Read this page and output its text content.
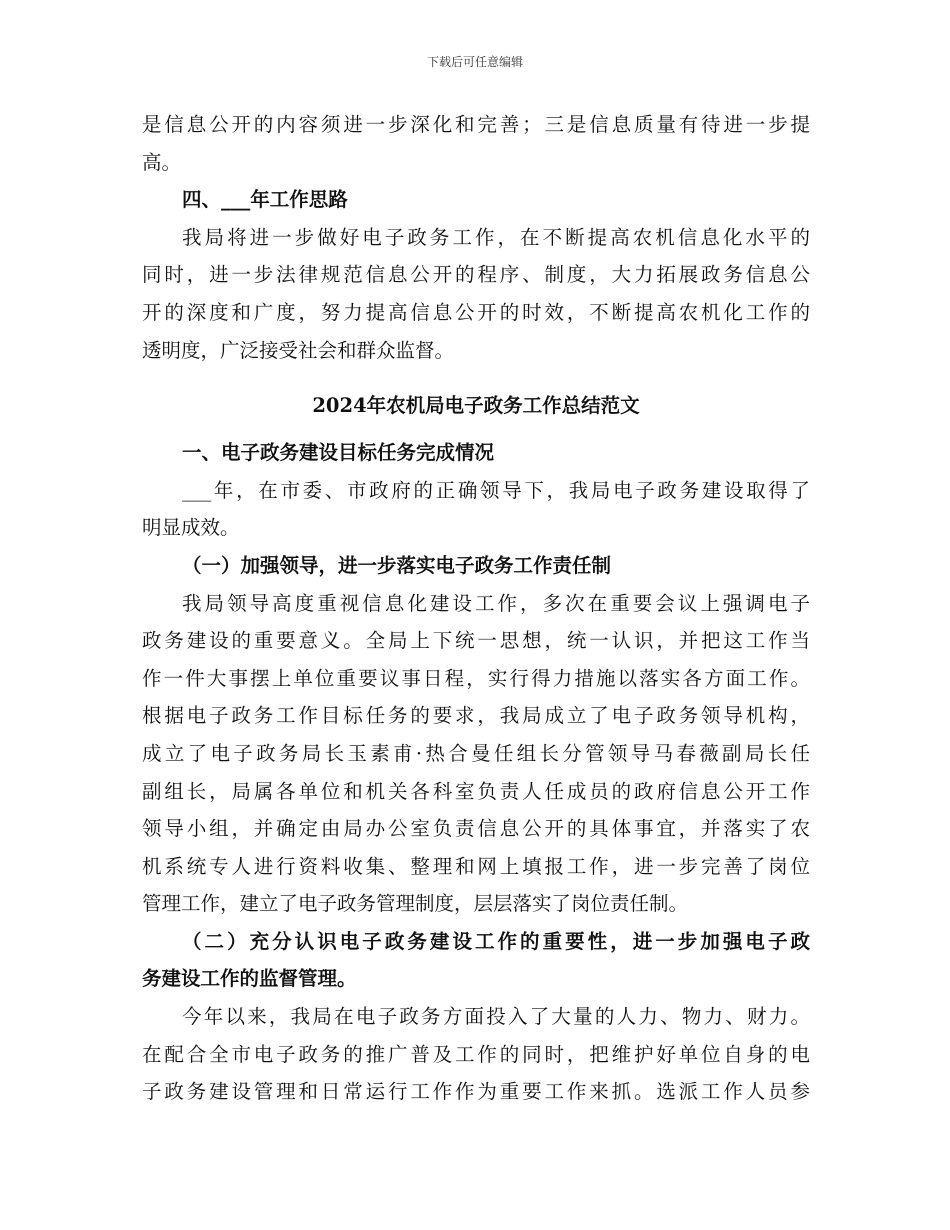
下载后可任意编辑
是信息公开的内容须进一步深化和完善；三是信息质量有待进一步提
高。
四、___年工作思路
我局将进一步做好电子政务工作，在不断提高农机信息化水平的
同时，进一步法律规范信息公开的程序、制度，大力拓展政务信息公
开的深度和广度，努力提高信息公开的时效，不断提高农机化工作的
透明度，广泛接受社会和群众监督。
2024年农机局电子政务工作总结范文
一、电子政务建设目标任务完成情况
___年，在市委、市政府的正确领导下，我局电子政务建设取得了
明显成效。
（一）加强领导，进一步落实电子政务工作责任制
我局领导高度重视信息化建设工作，多次在重要会议上强调电子
政务建设的重要意义。全局上下统一思想，统一认识，并把这工作当
作一件大事摆上单位重要议事日程，实行得力措施以落实各方面工作。
根据电子政务工作目标任务的要求，我局成立了电子政务领导机构，
成立了电子政务局长玉素甫·热合曼任组长分管领导马春薇副局长任
副组长，局属各单位和机关各科室负责人任成员的政府信息公开工作
领导小组，并确定由局办公室负责信息公开的具体事宜，并落实了农
机系统专人进行资料收集、整理和网上填报工作，进一步完善了岗位
管理工作，建立了电子政务管理制度，层层落实了岗位责任制。
（二）充分认识电子政务建设工作的重要性，进一步加强电子政
务建设工作的监督管理。
今年以来，我局在电子政务方面投入了大量的人力、物力、财力。
在配合全市电子政务的推广普及工作的同时，把维护好单位自身的电
子政务建设管理和日常运行工作作为重要工作来抓。选派工作人员参
